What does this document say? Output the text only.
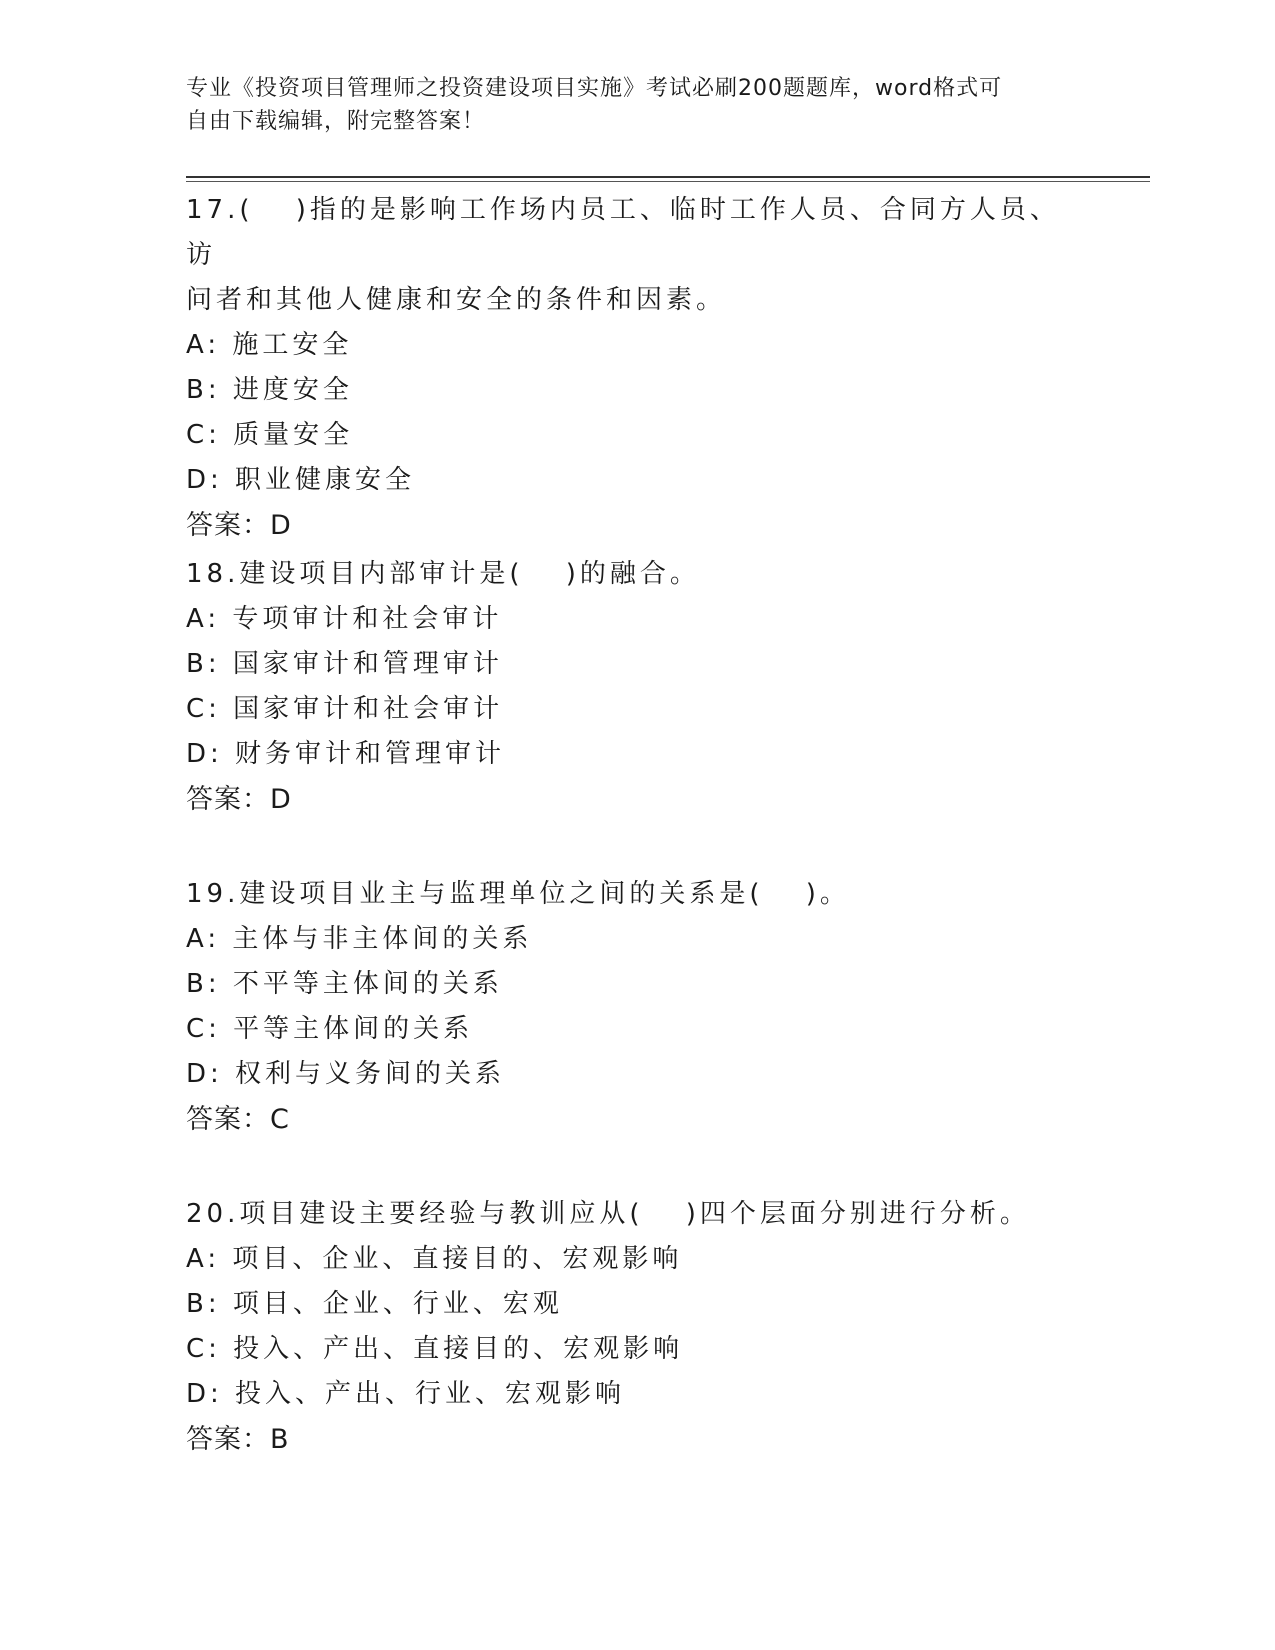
专业《投资项目管理师之投资建设项目实施》考试必刷200题题库，word格式可
自由下载编辑，附完整答案！

17.(　 )指的是影响工作场内员工、临时工作人员、合同方人员、访

问者和其他人健康和安全的条件和因素。

A: 施工安全

B: 进度安全

C: 质量安全

D: 职业健康安全

答案：D

18.建设项目内部审计是(　 )的融合。

A: 专项审计和社会审计

B: 国家审计和管理审计

C: 国家审计和社会审计

D: 财务审计和管理审计

答案：D

19.建设项目业主与监理单位之间的关系是(　 )。

A: 主体与非主体间的关系

B: 不平等主体间的关系

C: 平等主体间的关系

D: 权利与义务间的关系

答案：C

20.项目建设主要经验与教训应从(　 )四个层面分别进行分析。

A: 项目、企业、直接目的、宏观影响

B: 项目、企业、行业、宏观

C: 投入、产出、直接目的、宏观影响

D: 投入、产出、行业、宏观影响

答案：B
